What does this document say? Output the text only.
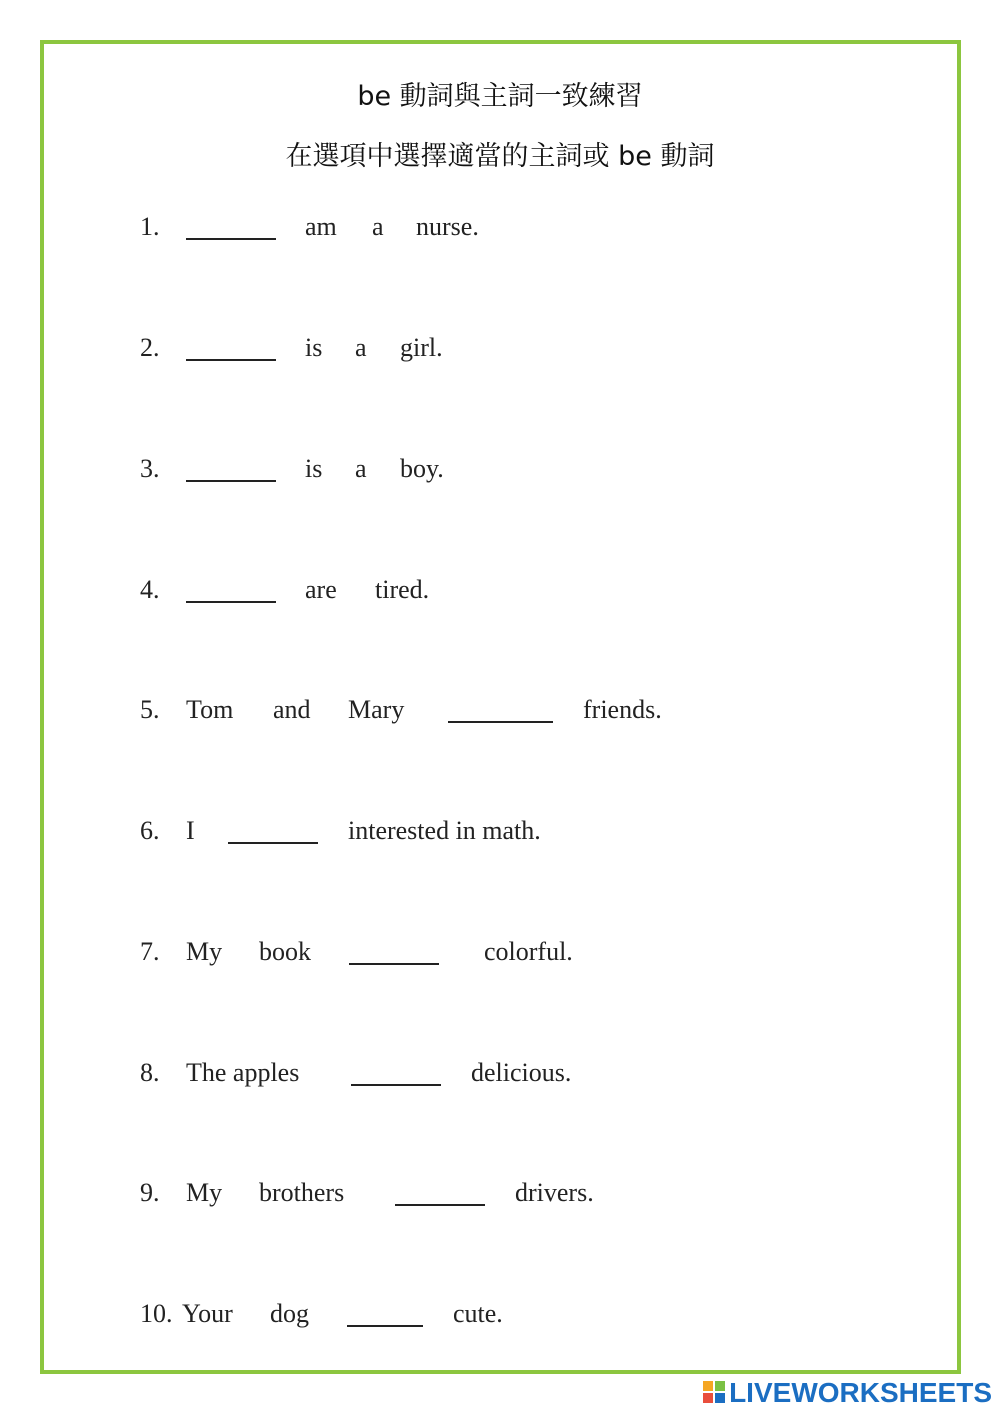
be 動詞與主詞一致練習
在選項中選擇適當的主詞或 be 動詞
1.	am a nurse.
2.	is a girl.
3.	is a boy.
4.	are tired.
5. Tom and Mary	friends.
6. I	interested in math.
7. My book	colorful.
8. The apples	delicious.
9. My brothers	drivers.
10. Your dog	cute.
LIVEWORKSHEETS
